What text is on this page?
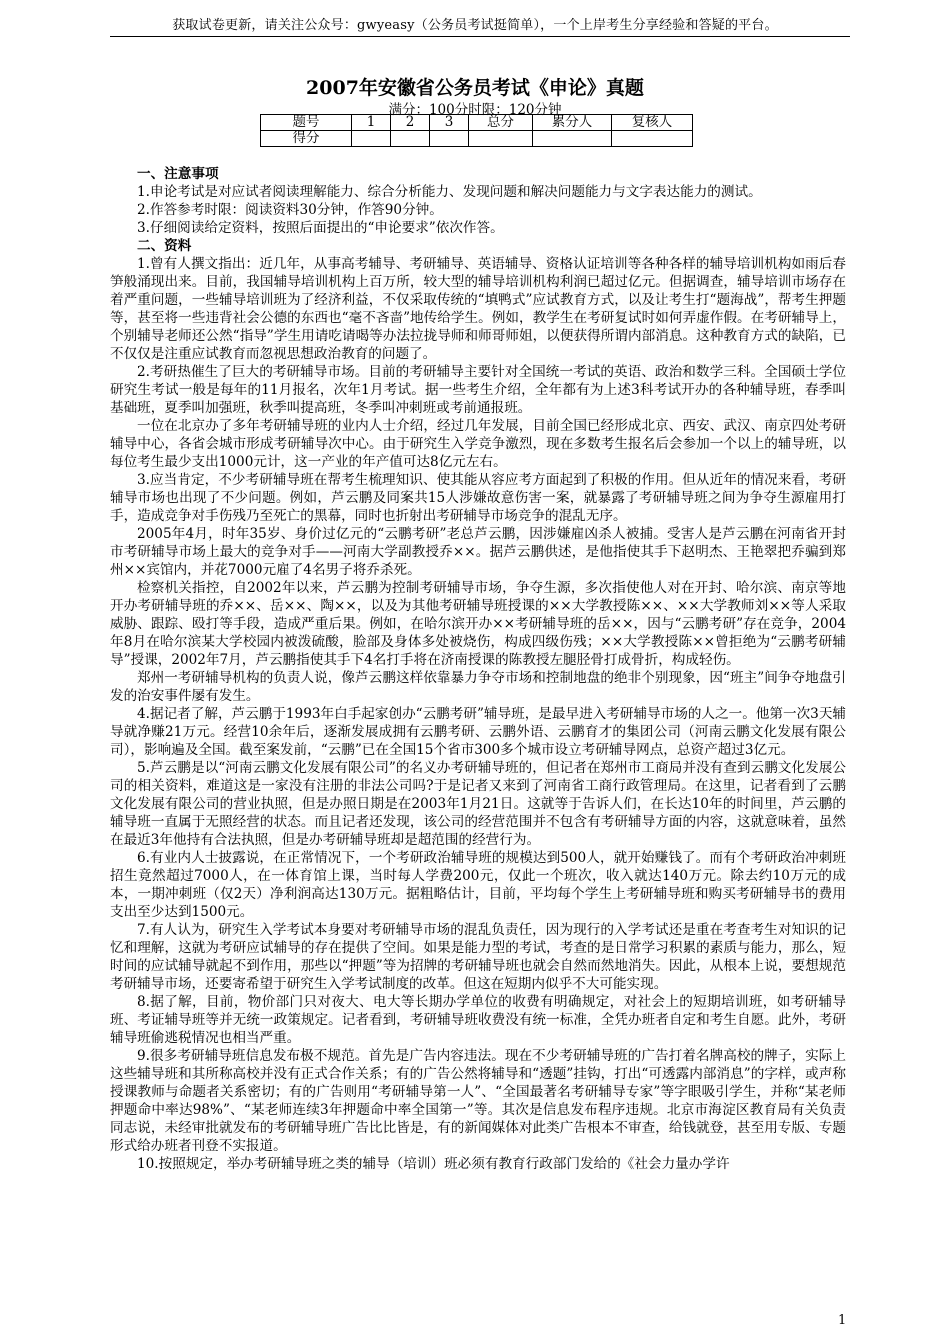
获取试卷更新，请关注公众号：gwyeasy（公务员考试挺简单），一个上岸考生分享经验和答疑的平台。
2007年安徽省公务员考试《申论》真题
满分：100分时限：120分钟
题号	1	2	3	总分	累分人	复核人
得分						

一、注意事项

1.申论考试是对应试者阅读理解能力、综合分析能力、发现问题和解决问题能力与文字表达能力的测试。

2.作答参考时限：阅读资料30分钟，作答90分钟。

3.仔细阅读给定资料，按照后面提出的“申论要求”依次作答。

二、资料

1.曾有人撰文指出：近几年，从事高考辅导、考研辅导、英语辅导、资格认证培训等各种各样的辅导培训机构如雨后春笋般涌现出来。目前，我国辅导培训机构上百万所，较大型的辅导培训机构利润已超过亿元。但据调查，辅导培训市场存在着严重问题，一些辅导培训班为了经济利益，不仅采取传统的“填鸭式”应试教育方式，以及让考生打“题海战”，帮考生押题等，甚至将一些违背社会公德的东西也“毫不吝啬”地传给学生。例如，教学生在考研复试时如何弄虚作假。在考研辅导上，个别辅导老师还公然“指导”学生用请吃请喝等办法拉拢导师和师哥师姐，以便获得所谓内部消息。这种教育方式的缺陷，已不仅仅是注重应试教育而忽视思想政治教育的问题了。

2.考研热催生了巨大的考研辅导市场。目前的考研辅导主要针对全国统一考试的英语、政治和数学三科。全国硕士学位研究生考试一般是每年的11月报名，次年1月考试。据一些考生介绍，全年都有为上述3科考试开办的各种辅导班，春季叫基础班，夏季叫加强班，秋季叫提高班，冬季叫冲刺班或考前通报班。

一位在北京办了多年考研辅导班的业内人士介绍，经过几年发展，目前全国已经形成北京、西安、武汉、南京四处考研辅导中心，各省会城市形成考研辅导次中心。由于研究生入学竞争激烈，现在多数考生报名后会参加一个以上的辅导班，以每位考生最少支出1000元计，这一产业的年产值可达8亿元左右。

3.应当肯定，不少考研辅导班在帮考生梳理知识、使其能从容应考方面起到了积极的作用。但从近年的情况来看，考研辅导市场也出现了不少问题。例如，芦云鹏及同案共15人涉嫌故意伤害一案，就暴露了考研辅导班之间为争夺生源雇用打手，造成竞争对手伤残乃至死亡的黑幕，同时也折射出考研辅导市场竞争的混乱无序。

2005年4月，时年35岁、身价过亿元的“云鹏考研”老总芦云鹏，因涉嫌雇凶杀人被捕。受害人是芦云鹏在河南省开封市考研辅导市场上最大的竞争对手——河南大学副教授乔××。据芦云鹏供述，是他指使其手下赵明杰、王艳翠把乔骗到郑州××宾馆内，并花7000元雇了4名男子将乔杀死。

检察机关指控，自2002年以来，芦云鹏为控制考研辅导市场，争夺生源，多次指使他人对在开封、哈尔滨、南京等地开办考研辅导班的乔××、岳××、陶××，以及为其他考研辅导班授课的××大学教授陈××、××大学教师刘××等人采取威胁、跟踪、殴打等手段，造成严重后果。例如，在哈尔滨开办××考研辅导班的岳××，因与“云鹏考研”存在竞争，2004年8月在哈尔滨某大学校园内被泼硫酸，脸部及身体多处被烧伤，构成四级伤残；××大学教授陈××曾拒绝为“云鹏考研辅导”授课，2002年7月，芦云鹏指使其手下4名打手将在济南授课的陈教授左腿胫骨打成骨折，构成轻伤。

郑州一考研辅导机构的负责人说，像芦云鹏这样依靠暴力争夺市场和控制地盘的绝非个别现象，因“班主”间争夺地盘引发的治安事件屡有发生。

4.据记者了解，芦云鹏于1993年白手起家创办“云鹏考研”辅导班，是最早进入考研辅导市场的人之一。他第一次3天辅导就净赚21万元。经营10余年后，逐渐发展成拥有云鹏考研、云鹏外语、云鹏育才的集团公司（河南云鹏文化发展有限公司），影响遍及全国。截至案发前，“云鹏”已在全国15个省市300多个城市设立考研辅导网点，总资产超过3亿元。

5.芦云鹏是以“河南云鹏文化发展有限公司”的名义办考研辅导班的，但记者在郑州市工商局并没有查到云鹏文化发展公司的相关资料，难道这是一家没有注册的非法公司吗?于是记者又来到了河南省工商行政管理局。在这里，记者看到了云鹏文化发展有限公司的营业执照，但是办照日期是在2003年1月21日。这就等于告诉人们，在长达10年的时间里，芦云鹏的辅导班一直属于无照经营的状态。而且记者还发现，该公司的经营范围并不包含有考研辅导方面的内容，这就意味着，虽然在最近3年他持有合法执照，但是办考研辅导班却是超范围的经营行为。

6.有业内人士披露说，在正常情况下，一个考研政治辅导班的规模达到500人，就开始赚钱了。而有个考研政治冲刺班招生竟然超过7000人，在一体育馆上课，当时每人学费200元，仅此一个班次，收入就达140万元。除去约10万元的成本，一期冲刺班（仅2天）净利润高达130万元。据粗略估计，目前，平均每个学生上考研辅导班和购买考研辅导书的费用支出至少达到1500元。

7.有人认为，研究生入学考试本身要对考研辅导市场的混乱负责任，因为现行的入学考试还是重在考查考生对知识的记忆和理解，这就为考研应试辅导的存在提供了空间。如果是能力型的考试，考查的是日常学习积累的素质与能力，那么，短时间的应试辅导就起不到作用，那些以“押题”等为招牌的考研辅导班也就会自然而然地消失。因此，从根本上说，要想规范考研辅导市场，还要寄希望于研究生入学考试制度的改革。但这在短期内似乎不大可能实现。

8.据了解，目前，物价部门只对夜大、电大等长期办学单位的收费有明确规定，对社会上的短期培训班，如考研辅导班、考证辅导班等并无统一政策规定。记者看到，考研辅导班收费没有统一标准，全凭办班者自定和考生自愿。此外，考研辅导班偷逃税情况也相当严重。

9.很多考研辅导班信息发布极不规范。首先是广告内容违法。现在不少考研辅导班的广告打着名牌高校的牌子，实际上这些辅导班和其所称高校并没有正式合作关系；有的广告公然将辅导和“透题”挂钩，打出“可透露内部消息”的字样，或声称授课教师与命题者关系密切；有的广告则用“考研辅导第一人”、“全国最著名考研辅导专家”等字眼吸引学生，并称“某老师押题命中率达98%”、“某老师连续3年押题命中率全国第一”等。其次是信息发布程序违规。北京市海淀区教育局有关负责同志说，未经审批就发布的考研辅导班广告比比皆是，有的新闻媒体对此类广告根本不审查，给钱就登，甚至用专版、专题形式给办班者刊登不实报道。

10.按照规定，举办考研辅导班之类的辅导（培训）班必须有教育行政部门发给的《社会力量办学许

1
